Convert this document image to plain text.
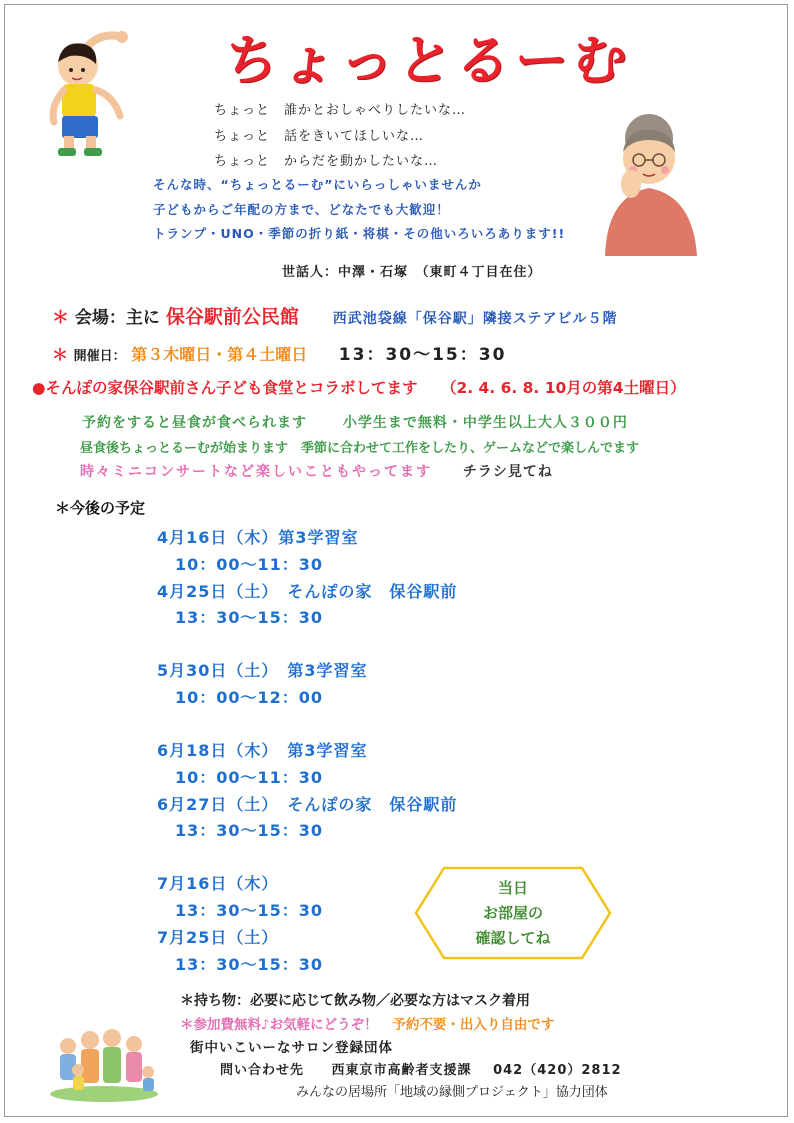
ちょっとるーむ
ちょっと　誰かとおしゃべりしたいな…
ちょっと　話をきいてほしいな…
ちょっと　からだを動かしたいな…
そんな時、“ちょっとるーむ”にいらっしゃいませんか
子どもからご年配の方まで、どなたでも大歓迎！
トランプ・UNO・季節の折り紙・将棋・その他いろいろあります!!
世話人：中澤・石塚　（東町４丁目在住）
＊ 会場：主に 保谷駅前公民館 西武池袋線「保谷駅」隣接ステアビル５階
＊ 開催日： 第３木曜日・第４土曜日 13：30〜15：30
●そんぽの家保谷駅前さん子ども食堂とコラボしてます （2. 4. 6. 8. 10月の第4土曜日）
予約をすると昼食が食べられます	小学生まで無料・中学生以上大人３００円
昼食後ちょっとるーむが始まります　季節に合わせて工作をしたり、ゲームなどで楽しんでます
時々ミニコンサートなど楽しいこともやってます チラシ見てね
＊今後の予定
4月16日（木）第3学習室
10：00〜11：30
4月25日（土）　そんぽの家　保谷駅前
13：30〜15：30
5月30日（土）　第3学習室
10：00〜12：00
6月18日（木）　第3学習室
10：00〜11：30
6月27日（土）　そんぽの家　保谷駅前
13：30〜15：30
7月16日（木）
13：30〜15：30
7月25日（土）
13：30〜15：30
当日
お部屋の
確認してね
＊持ち物：必要に応じて飲み物／必要な方はマスク着用
＊参加費無料♪お気軽にどうぞ！ 予約不要・出入り自由です
街中いこいーなサロン登録団体
問い合わせ先 西東京市高齢者支援課 042（420）2812
みんなの居場所「地域の縁側プロジェクト」協力団体
